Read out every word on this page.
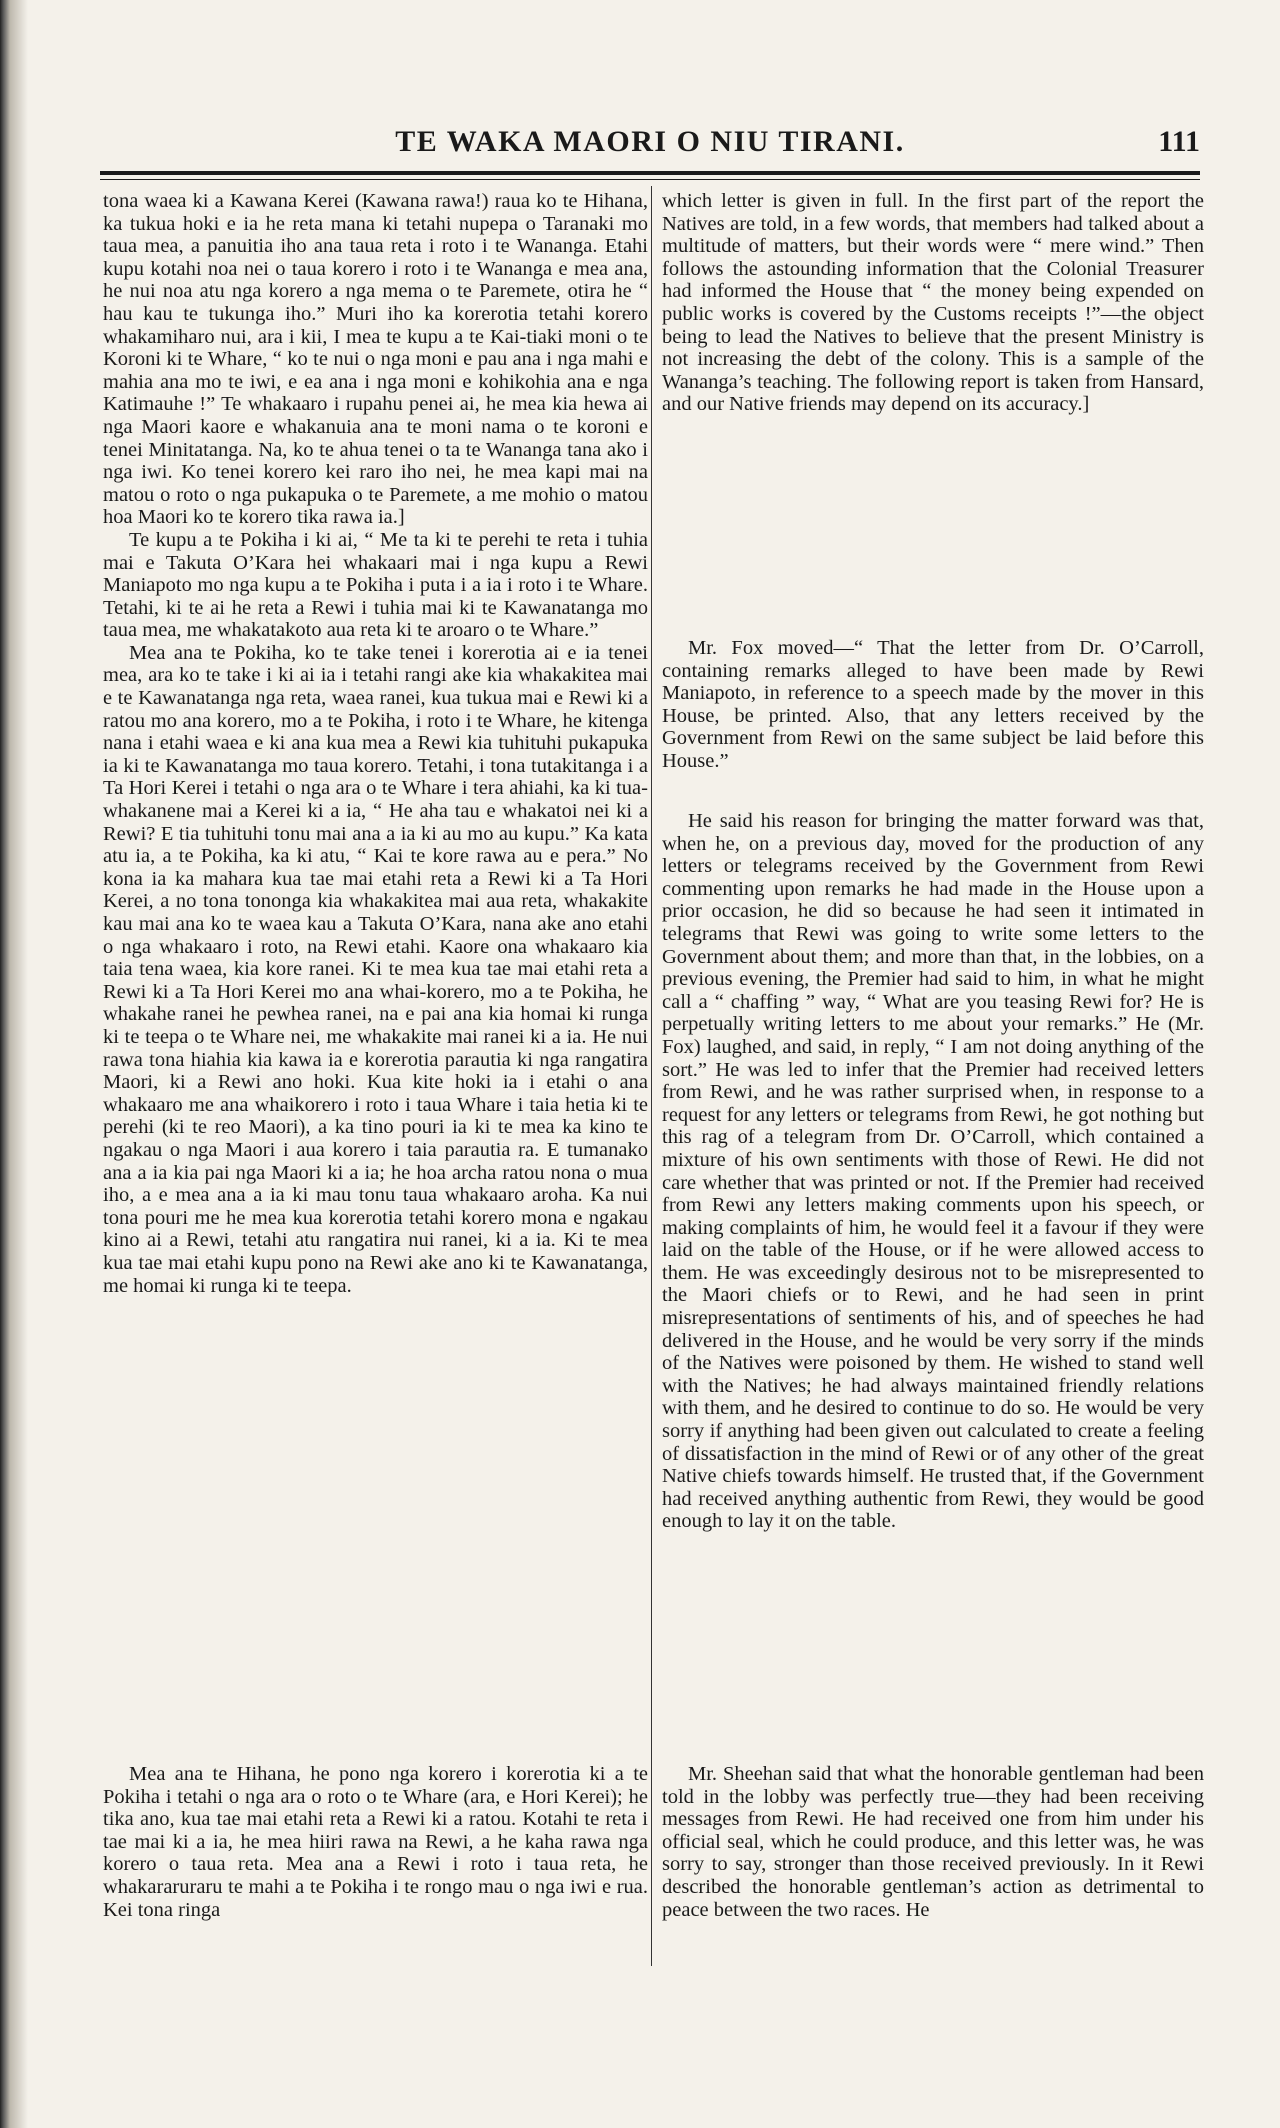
TE WAKA MAORI O NIU TIRANI.	111

tona waea ki a Kawana Kerei (Kawana rawa!) raua ko te Hihana, ka tukua hoki e ia he reta mana ki tetahi nupepa o Taranaki mo taua mea, a panuitia iho ana taua reta i roto i te Wananga. Etahi kupu kotahi noa nei o taua korero i roto i te Wananga e mea ana, he nui noa atu nga korero a nga mema o te Paremete, otira he “ hau kau te tukunga iho.” Muri iho ka korerotia tetahi korero whakamiharo nui, ara i kii, I mea te kupu a te Kai-tiaki moni o te Koroni ki te Whare, “ ko te nui o nga moni e pau ana i nga mahi e mahia ana mo te iwi, e ea ana i nga moni e kohikohia ana e nga Katimauhe !” Te whakaaro i rupahu penei ai, he mea kia hewa ai nga Maori kaore e whakanuia ana te moni nama o te koroni e tenei Minitatanga. Na, ko te ahua tenei o ta te Wananga tana ako i nga iwi. Ko tenei korero kei raro iho nei, he mea kapi mai na matou o roto o nga pukapuka o te Paremete, a me mohio o matou hoa Maori ko te korero tika rawa ia.]

Te kupu a te Pokiha i ki ai, “ Me ta ki te perehi te reta i tuhia mai e Takuta O’Kara hei whakaari mai i nga kupu a Rewi Maniapoto mo nga kupu a te Pokiha i puta i a ia i roto i te Whare. Tetahi, ki te ai he reta a Rewi i tuhia mai ki te Kawanatanga mo taua mea, me whakatakoto aua reta ki te aroaro o te Whare.”

Mea ana te Pokiha, ko te take tenei i korerotia ai e ia tenei mea, ara ko te take i ki ai ia i tetahi rangi ake kia whakakitea mai e te Kawanatanga nga reta, waea ranei, kua tukua mai e Rewi ki a ratou mo ana korero, mo a te Pokiha, i roto i te Whare, he kitenga nana i etahi waea e ki ana kua mea a Rewi kia tuhituhi pukapuka ia ki te Kawanatanga mo taua korero. Tetahi, i tona tutakitanga i a Ta Hori Kerei i tetahi o nga ara o te Whare i tera ahiahi, ka ki tua-whakanene mai a Kerei ki a ia, “ He aha tau e whakatoi nei ki a Rewi? E tia tuhituhi tonu mai ana a ia ki au mo au kupu.” Ka kata atu ia, a te Pokiha, ka ki atu, “ Kai te kore rawa au e pera.” No kona ia ka mahara kua tae mai etahi reta a Rewi ki a Ta Hori Kerei, a no tona tononga kia whakakitea mai aua reta, whakakite kau mai ana ko te waea kau a Takuta O’Kara, nana ake ano etahi o nga whakaaro i roto, na Rewi etahi. Kaore ona whakaaro kia taia tena waea, kia kore ranei. Ki te mea kua tae mai etahi reta a Rewi ki a Ta Hori Kerei mo ana whai-korero, mo a te Pokiha, he whakahe ranei he pewhea ranei, na e pai ana kia homai ki runga ki te teepa o te Whare nei, me whakakite mai ranei ki a ia. He nui rawa tona hiahia kia kawa ia e korerotia parautia ki nga rangatira Maori, ki a Rewi ano hoki. Kua kite hoki ia i etahi o ana whakaaro me ana whaikorero i roto i taua Whare i taia hetia ki te perehi (ki te reo Maori), a ka tino pouri ia ki te mea ka kino te ngakau o nga Maori i aua korero i taia parautia ra. E tumanako ana a ia kia pai nga Maori ki a ia; he hoa archa ratou nona o mua iho, a e mea ana a ia ki mau tonu taua whakaaro aroha. Ka nui tona pouri me he mea kua korerotia tetahi korero mona e ngakau kino ai a Rewi, tetahi atu rangatira nui ranei, ki a ia. Ki te mea kua tae mai etahi kupu pono na Rewi ake ano ki te Kawanatanga, me homai ki runga ki te teepa.

Mea ana te Hihana, he pono nga korero i korerotia ki a te Pokiha i tetahi o nga ara o roto o te Whare (ara, e Hori Kerei); he tika ano, kua tae mai etahi reta a Rewi ki a ratou. Kotahi te reta i tae mai ki a ia, he mea hiiri rawa na Rewi, a he kaha rawa nga korero o taua reta. Mea ana a Rewi i roto i taua reta, he whakararuraru te mahi a te Pokiha i te rongo mau o nga iwi e rua. Kei tona ringa

which letter is given in full. In the first part of the report the Natives are told, in a few words, that members had talked about a multitude of matters, but their words were “ mere wind.” Then follows the astounding information that the Colonial Treasurer had informed the House that “ the money being expended on public works is covered by the Customs receipts !”—the object being to lead the Natives to believe that the present Ministry is not increasing the debt of the colony. This is a sample of the Wananga’s teaching. The following report is taken from Hansard, and our Native friends may depend on its accuracy.]

Mr. Fox moved—“ That the letter from Dr. O’Carroll, containing remarks alleged to have been made by Rewi Maniapoto, in reference to a speech made by the mover in this House, be printed. Also, that any letters received by the Government from Rewi on the same subject be laid before this House.”

He said his reason for bringing the matter forward was that, when he, on a previous day, moved for the production of any letters or telegrams received by the Government from Rewi commenting upon remarks he had made in the House upon a prior occasion, he did so because he had seen it intimated in telegrams that Rewi was going to write some letters to the Government about them; and more than that, in the lobbies, on a previous evening, the Premier had said to him, in what he might call a “ chaffing ” way, “ What are you teasing Rewi for? He is perpetually writing letters to me about your remarks.” He (Mr. Fox) laughed, and said, in reply, “ I am not doing anything of the sort.” He was led to infer that the Premier had received letters from Rewi, and he was rather surprised when, in response to a request for any letters or telegrams from Rewi, he got nothing but this rag of a telegram from Dr. O’Carroll, which contained a mixture of his own sentiments with those of Rewi. He did not care whether that was printed or not. If the Premier had received from Rewi any letters making comments upon his speech, or making complaints of him, he would feel it a favour if they were laid on the table of the House, or if he were allowed access to them. He was exceedingly desirous not to be misrepresented to the Maori chiefs or to Rewi, and he had seen in print misrepresentations of sentiments of his, and of speeches he had delivered in the House, and he would be very sorry if the minds of the Natives were poisoned by them. He wished to stand well with the Natives; he had always maintained friendly relations with them, and he desired to continue to do so. He would be very sorry if anything had been given out calculated to create a feeling of dissatisfaction in the mind of Rewi or of any other of the great Native chiefs towards himself. He trusted that, if the Government had received anything authentic from Rewi, they would be good enough to lay it on the table.

Mr. Sheehan said that what the honorable gentleman had been told in the lobby was perfectly true—they had been receiving messages from Rewi. He had received one from him under his official seal, which he could produce, and this letter was, he was sorry to say, stronger than those received previously. In it Rewi described the honorable gentleman’s action as detrimental to peace between the two races. He
